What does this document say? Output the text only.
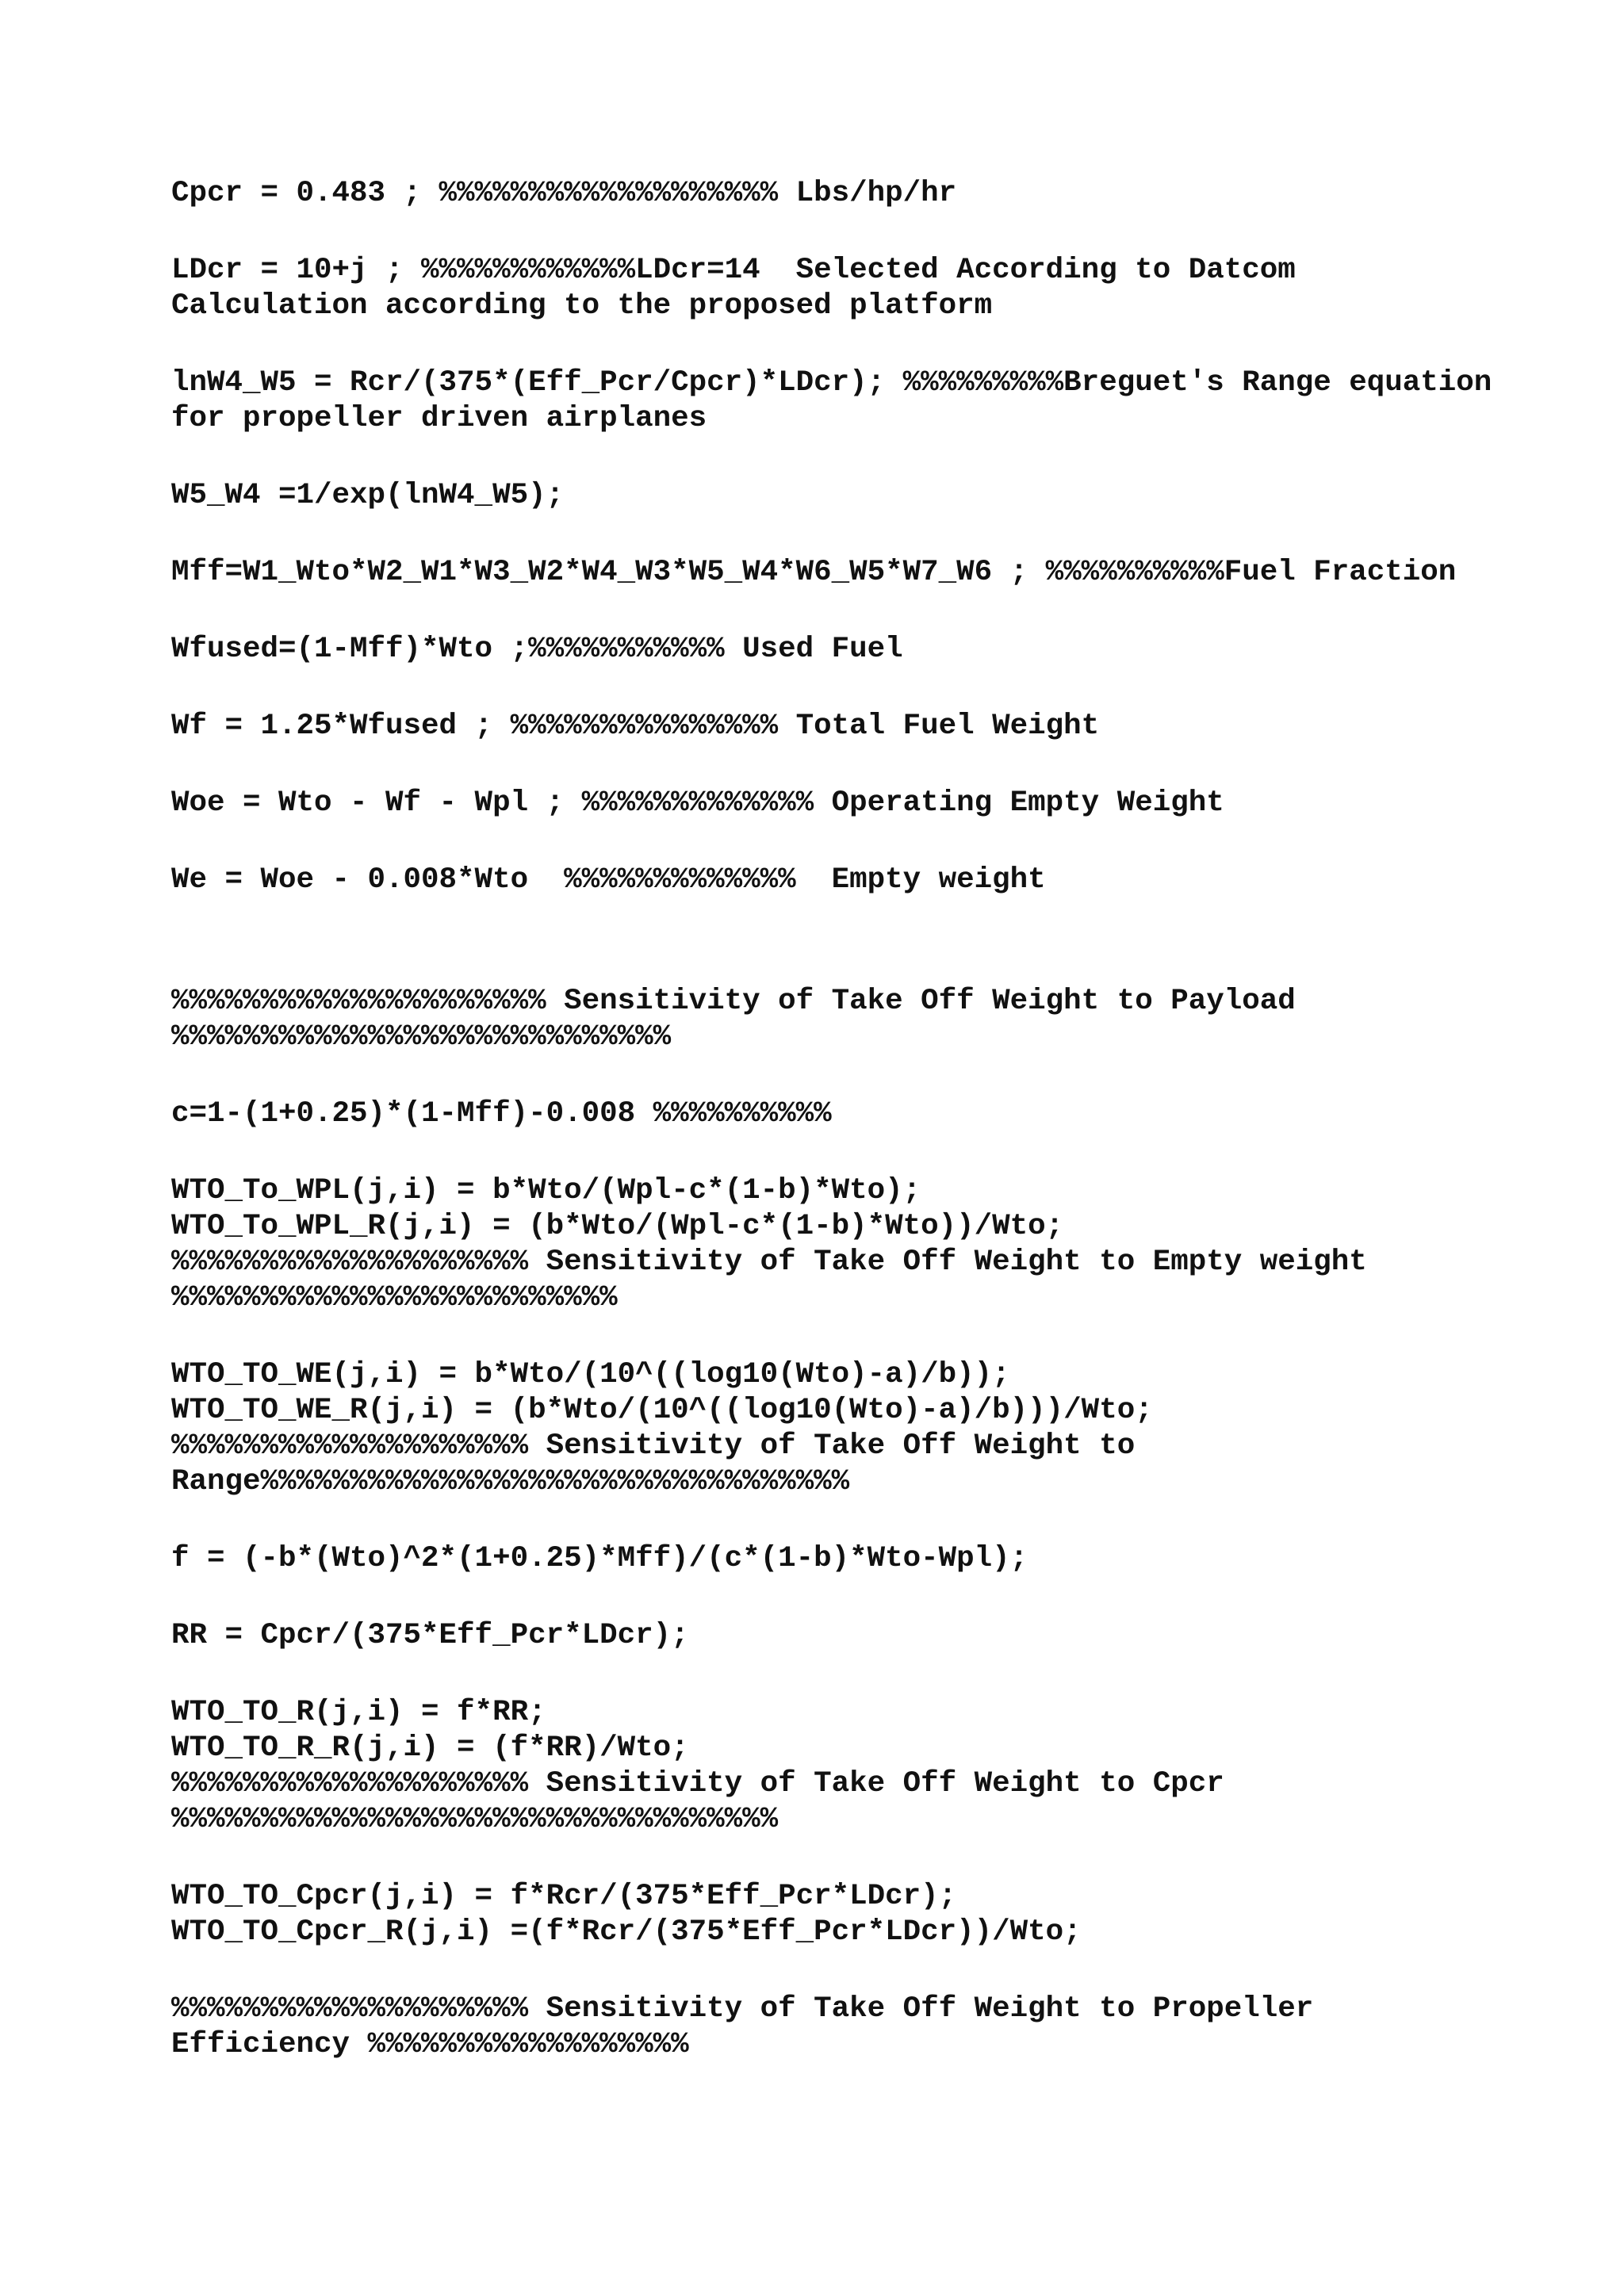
Cpcr = 0.483 ; %%%%%%%%%%%%%%%%%%% Lbs/hp/hr
LDcr = 10+j ; %%%%%%%%%%%%LDcr=14  Selected According to Datcom
Calculation according to the proposed platform
lnW4_W5 = Rcr/(375*(Eff_Pcr/Cpcr)*LDcr); %%%%%%%%%Breguet's Range equation
for propeller driven airplanes
W5_W4 =1/exp(lnW4_W5);
Mff=W1_Wto*W2_W1*W3_W2*W4_W3*W5_W4*W6_W5*W7_W6 ; %%%%%%%%%%Fuel Fraction
Wfused=(1-Mff)*Wto ;%%%%%%%%%%% Used Fuel
Wf = 1.25*Wfused ; %%%%%%%%%%%%%%% Total Fuel Weight
Woe = Wto - Wf - Wpl ; %%%%%%%%%%%%% Operating Empty Weight
We = Woe - 0.008*Wto  %%%%%%%%%%%%%  Empty weight
%%%%%%%%%%%%%%%%%%%%% Sensitivity of Take Off Weight to Payload
%%%%%%%%%%%%%%%%%%%%%%%%%%%%
c=1-(1+0.25)*(1-Mff)-0.008 %%%%%%%%%%
WTO_To_WPL(j,i) = b*Wto/(Wpl-c*(1-b)*Wto);
WTO_To_WPL_R(j,i) = (b*Wto/(Wpl-c*(1-b)*Wto))/Wto;
%%%%%%%%%%%%%%%%%%%% Sensitivity of Take Off Weight to Empty weight
%%%%%%%%%%%%%%%%%%%%%%%%%
WTO_TO_WE(j,i) = b*Wto/(10^((log10(Wto)-a)/b));
WTO_TO_WE_R(j,i) = (b*Wto/(10^((log10(Wto)-a)/b)))/Wto;
%%%%%%%%%%%%%%%%%%%% Sensitivity of Take Off Weight to
Range%%%%%%%%%%%%%%%%%%%%%%%%%%%%%%%%%
f = (-b*(Wto)^2*(1+0.25)*Mff)/(c*(1-b)*Wto-Wpl);
RR = Cpcr/(375*Eff_Pcr*LDcr);
WTO_TO_R(j,i) = f*RR;
WTO_TO_R_R(j,i) = (f*RR)/Wto;
%%%%%%%%%%%%%%%%%%%% Sensitivity of Take Off Weight to Cpcr
%%%%%%%%%%%%%%%%%%%%%%%%%%%%%%%%%%
WTO_TO_Cpcr(j,i) = f*Rcr/(375*Eff_Pcr*LDcr);
WTO_TO_Cpcr_R(j,i) =(f*Rcr/(375*Eff_Pcr*LDcr))/Wto;
%%%%%%%%%%%%%%%%%%%% Sensitivity of Take Off Weight to Propeller
Efficiency %%%%%%%%%%%%%%%%%%
